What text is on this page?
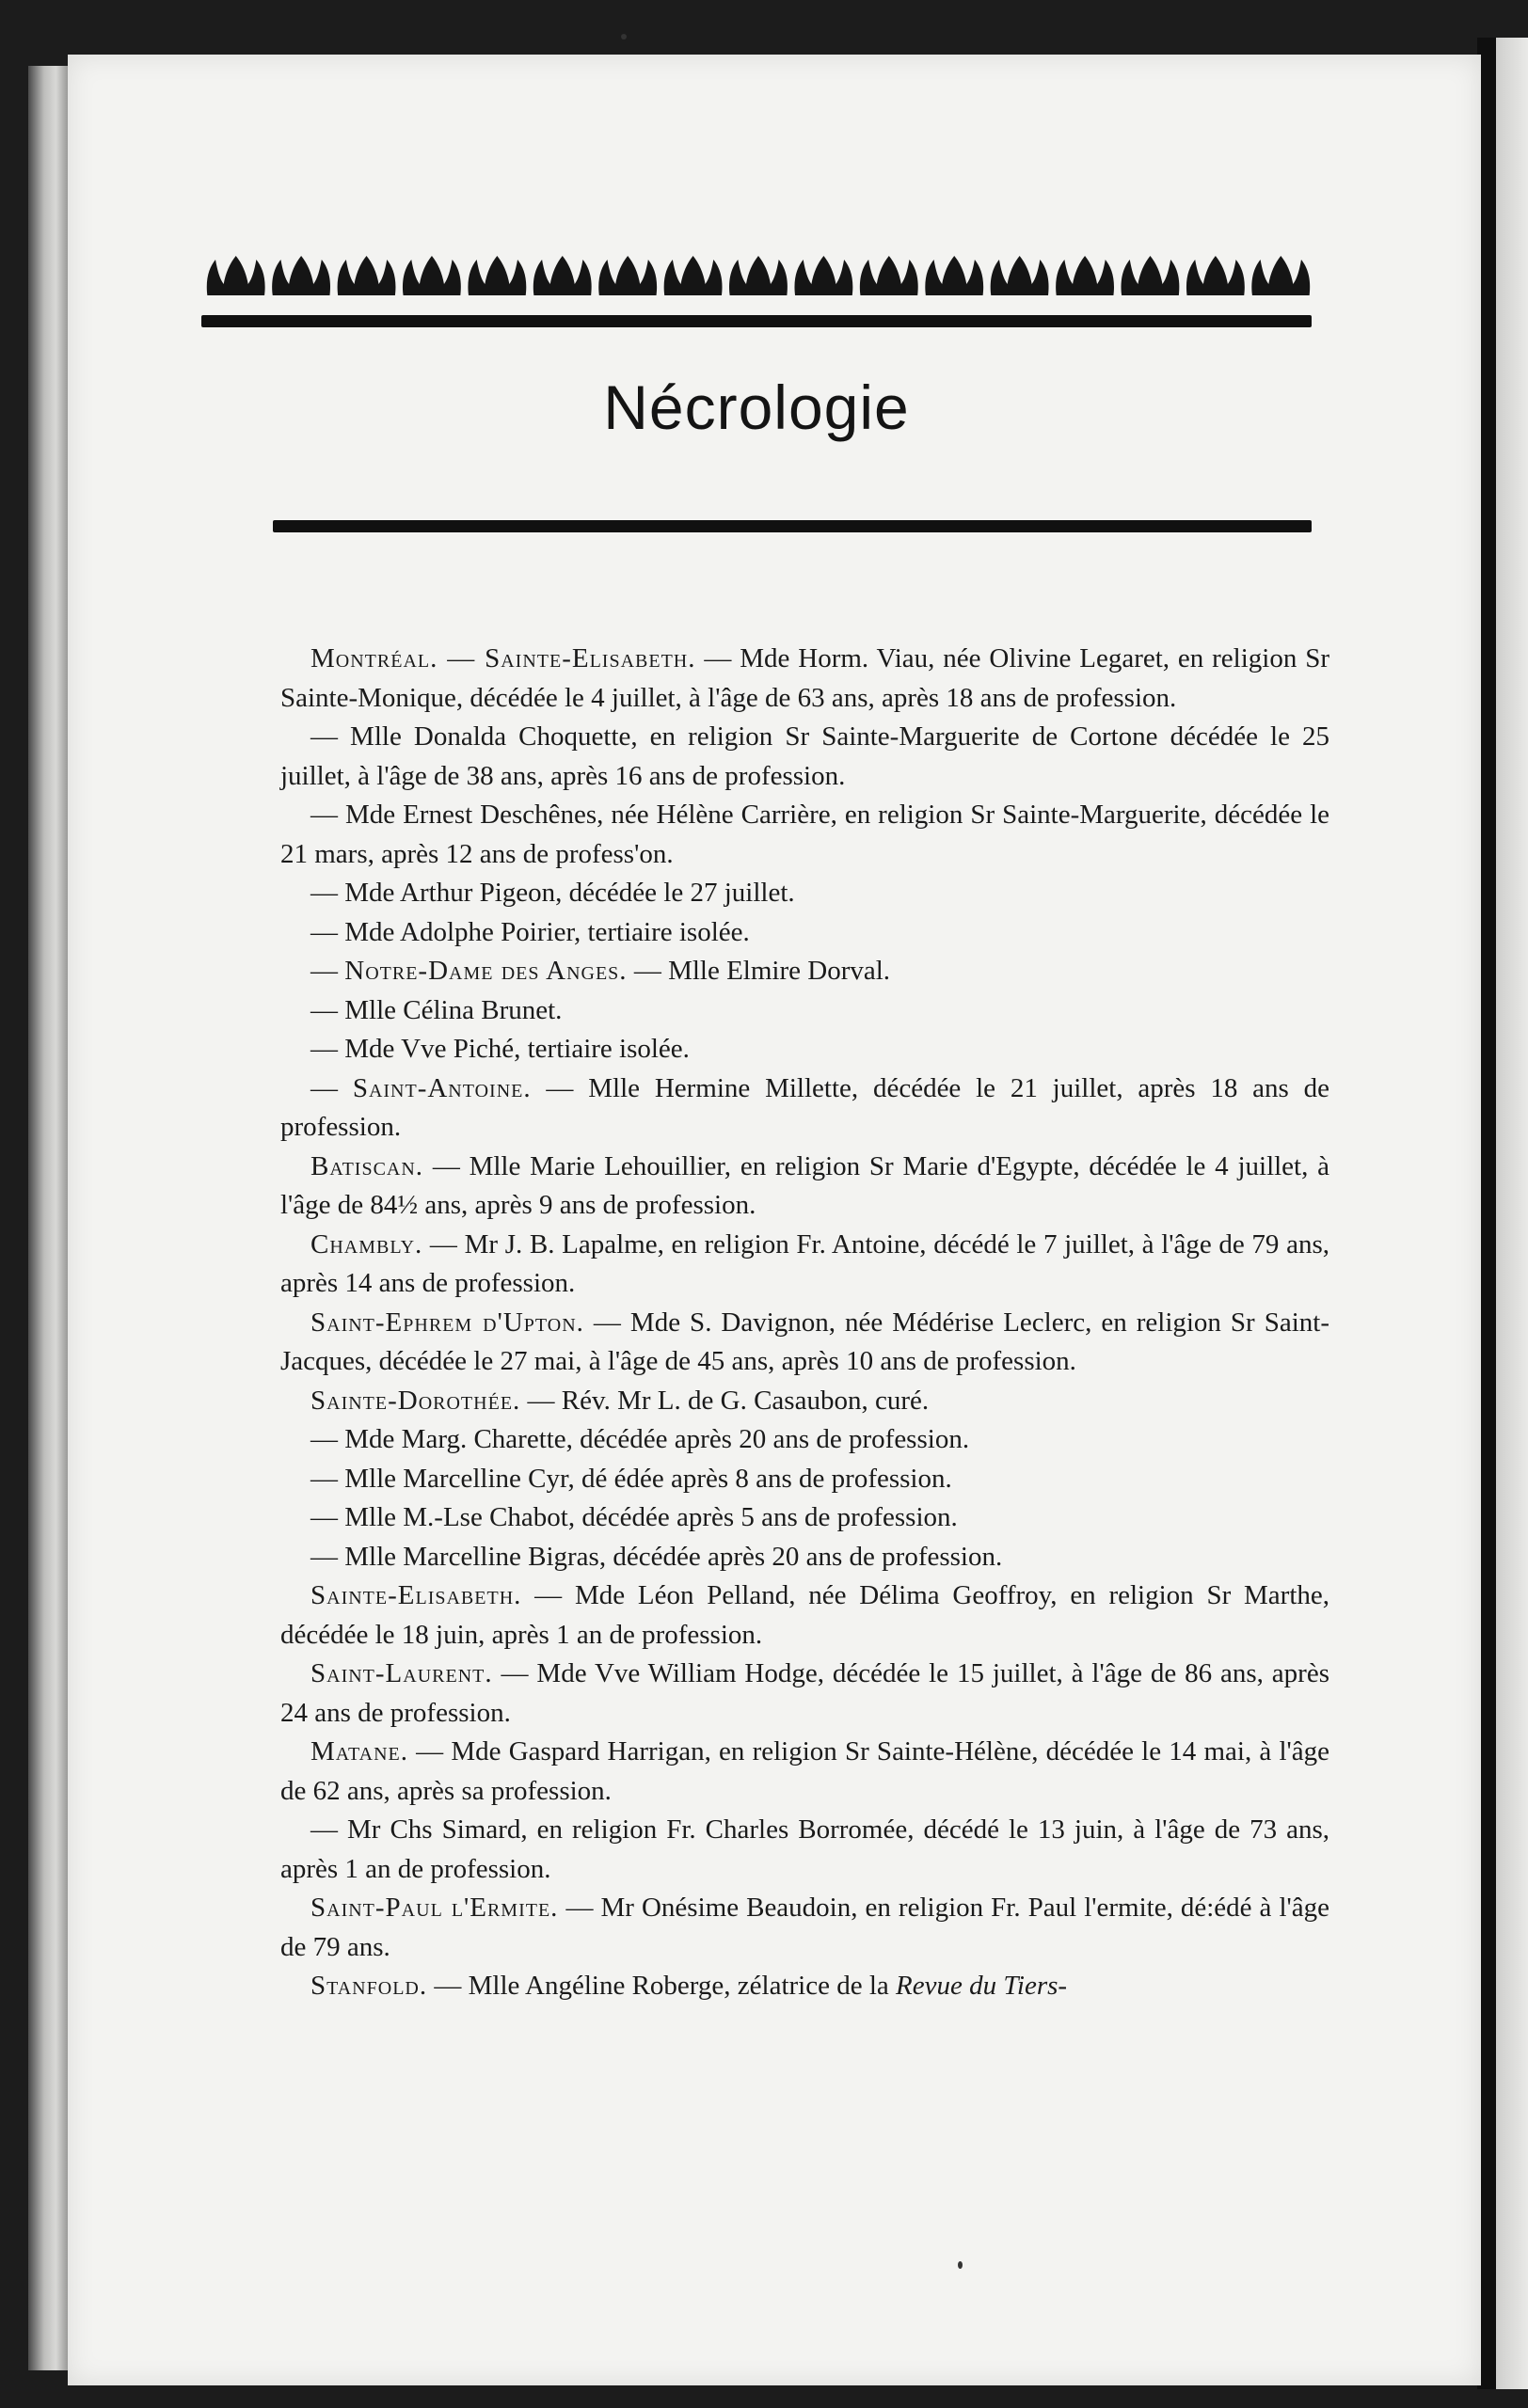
Nécrologie

Montréal. — Sainte-Elisabeth. — Mde Horm. Viau, née Olivine Legaret, en religion Sr Sainte-Monique, décédée le 4 juillet, à l'âge de 63 ans, après 18 ans de profession.

— Mlle Donalda Choquette, en religion Sr Sainte-Marguerite de Cortone décédée le 25 juillet, à l'âge de 38 ans, après 16 ans de profession.

— Mde Ernest Deschênes, née Hélène Carrière, en religion Sr Sainte-Marguerite, décédée le 21 mars, après 12 ans de profess'on.

— Mde Arthur Pigeon, décédée le 27 juillet.

— Mde Adolphe Poirier, tertiaire isolée.

— Notre-Dame des Anges. — Mlle Elmire Dorval.

— Mlle Célina Brunet.

— Mde Vve Piché, tertiaire isolée.

— Saint-Antoine. — Mlle Hermine Millette, décédée le 21 juillet, après 18 ans de profession.

Batiscan. — Mlle Marie Lehouillier, en religion Sr Marie d'Egypte, décédée le 4 juillet, à l'âge de 84½ ans, après 9 ans de profession.

Chambly. — Mr J. B. Lapalme, en religion Fr. Antoine, décédé le 7 juillet, à l'âge de 79 ans, après 14 ans de profession.

Saint-Ephrem d'Upton. — Mde S. Davignon, née Médérise Leclerc, en religion Sr Saint-Jacques, décédée le 27 mai, à l'âge de 45 ans, après 10 ans de profession.

Sainte-Dorothée. — Rév. Mr L. de G. Casaubon, curé.

— Mde Marg. Charette, décédée après 20 ans de profession.

— Mlle Marcelline Cyr, dé édée après 8 ans de profession.

— Mlle M.-Lse Chabot, décédée après 5 ans de profession.

— Mlle Marcelline Bigras, décédée après 20 ans de profession.

Sainte-Elisabeth. — Mde Léon Pelland, née Délima Geoffroy, en religion Sr Marthe, décédée le 18 juin, après 1 an de profession.

Saint-Laurent. — Mde Vve William Hodge, décédée le 15 juillet, à l'âge de 86 ans, après 24 ans de profession.

Matane. — Mde Gaspard Harrigan, en religion Sr Sainte-Hélène, décédée le 14 mai, à l'âge de 62 ans, après sa profession.

— Mr Chs Simard, en religion Fr. Charles Borromée, décédé le 13 juin, à l'âge de 73 ans, après 1 an de profession.

Saint-Paul l'Ermite. — Mr Onésime Beaudoin, en religion Fr. Paul l'ermite, dé:édé à l'âge de 79 ans.

Stanfold. — Mlle Angéline Roberge, zélatrice de la Revue du Tiers-
